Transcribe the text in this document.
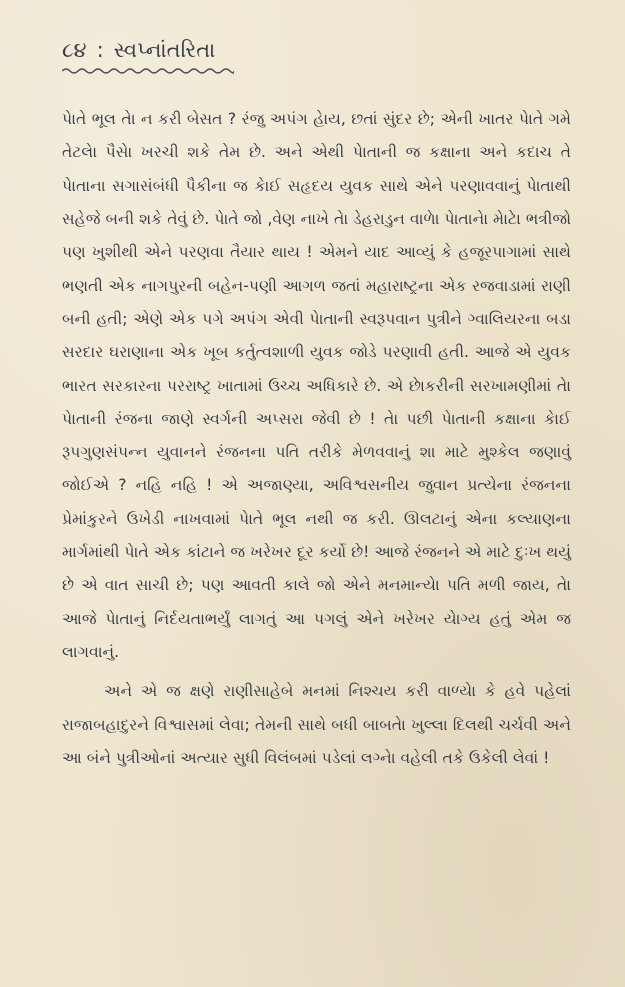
૮૪ : સ્વપ્નાંતરિતા

પેાતે ભૂલ તેા ન કરી બેસત ? રંજુ અપંગ હેાય, છતાં સુંદર છે; એની ખાતર પેાતે ગમે તેટલેા પૈસેા ખરચી શકે તેમ છે. અને એથી પેાતાની જ કક્ષાના અને કદાચ તે પેાતાના સગાસંબંધી પૈકીના જ કેાઈ સહૃદય યુવક સાથે એને પરણાવવાનું પેાતાથી સહેજે બની શકે તેવું છે. પેાતે જો ,વેણ નાખે તેા ડેહરાડુન વાળેા પેાતાનેા મેાટેા ભત્રીજો પણ ખુશીથી એને પરણવા તૈયાર થાય ! એમને યાદ આવ્યું કે હજૂરપાગામાં સાથે ભણતી એક નાગપુરની બહેન-પણી આગળ જતાં મહારાષ્ટ્રના એક રજવાડામાં રાણી બની હતી; એણે એક પગે અપંગ એવી પેાતાની સ્વરૂપવાન પુત્રીને ગ્વાલિયરના બડા સરદાર ઘરાણાના એક ખૂબ કર્તુત્વશાળી યુવક જોડે પરણાવી હતી. આજે એ યુવક ભારત સરકારના પરરાષ્ટ્ર ખાતામાં ઉચ્ચ અધિકારે છે. એ છેાકરીની સરખામણીમાં તેા પેાતાની રંજના જાણે સ્વર્ગની અપ્સરા જેવી છે ! તેા પછી પેાતાની કક્ષાના કેાઈ રૂપગુણસંપન્ન યુવાનને રંજનના પતિ તરીકે મેળવવાનું શા માટે મુશ્કેલ જણાવું જોઈએ ? નહિ નહિ ! એ અજાણ્યા, અવિશ્વસનીય જુવાન પ્રત્યેના રંજનના પ્રેમાંકુરને ઉખેડી નાખવામાં પેાતે ભૂલ નથી જ કરી. ઊલટાનું એના કલ્યાણના માર્ગમાંથી પેાતે એક કાંટાને જ ખરેખર દૂર કર્યો છે! આજે રંજનને એ માટે દુઃખ થયું છે એ વાત સાચી છે; પણ આવતી કાલે જો એને મનમાન્યેા પતિ મળી જાય, તેા આજે પેાતાનું નિર્દયતાભર્યું લાગતું આ પગલું એને ખરેખર યેાગ્ય હતું એમ જ લાગવાનું.

અને એ જ ક્ષણે રાણીસાહેબે મનમાં નિશ્ચય કરી વાળ્યેા કે હવે પહેલાં રાજાબહાદુરને વિશ્વાસમાં લેવા; તેમની સાથે બધી બાબતેા ખુલ્લા દિલથી ચર્ચવી અને આ બંને પુત્રીઓનાં અત્યાર સુધી વિલંબમાં પડેલાં લગ્નેા વહેલી તકે ઉકેલી લેવાં !
